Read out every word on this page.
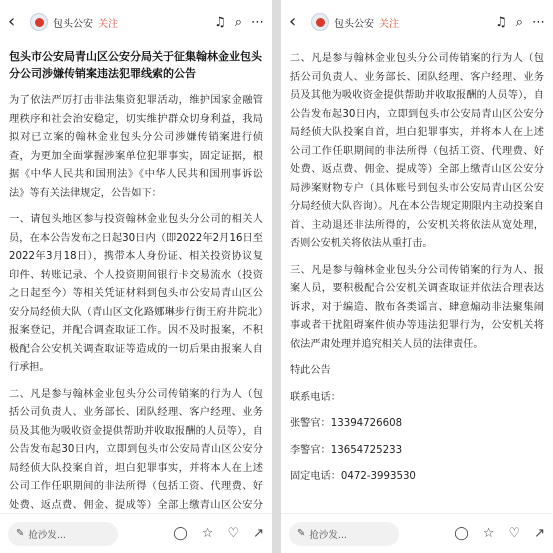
‹	包头公安 关注	♫ ⌕ ⋯
包头市公安局青山区公安分局关于征集翰林金业包头分公司涉嫌传销案违法犯罪线索的公告

为了依法严厉打击非法集资犯罪活动，维护国家金融管理秩序和社会治安稳定，切实维护群众切身利益，我局拟对已立案的翰林金业包头分公司涉嫌传销案进行侦查，为更加全面掌握涉案单位犯罪事实，固定证据，根据《中华人民共和国刑法》《中华人民共和国刑事诉讼法》等有关法律规定，公告如下：

一、请包头地区参与投资翰林金业包头分公司的相关人员，在本公告发布之日起30日内（即2022年2月16日至2022年3月18日），携带本人身份证、相关投资协议复印件、转账记录、个人投资期间银行卡交易流水（投资之日起至今）等相关凭证材料到包头市公安局青山区公安分局经侦大队（青山区文化路娜琳步行街王府井院北）报案登记，并配合调查取证工作。因不及时报案，不积极配合公安机关调查取证等造成的一切后果由报案人自行承担。

二、凡是参与翰林金业包头分公司传销案的行为人（包括公司负责人、业务部长、团队经理、客户经理、业务员及其他为吸收资金提供帮助并收取报酬的人员等），自公告发布起30日内，立即到包头市公安局青山区公安分局经侦大队投案自首，坦白犯罪事实，并将本人在上述公司工作任职期间的非法所得（包括工资、代理费、好处费、返点费、佣金、提成等）全部上缴青山区公安分

✎ 抢沙发...	◯ ☆ ♡ ↗
‹	包头公安 关注	♫ ⌕ ⋯

二、凡是参与翰林金业包头分公司传销案的行为人（包括公司负责人、业务部长、团队经理、客户经理、业务员及其他为吸收资金提供帮助并收取报酬的人员等），自公告发布起30日内，立即到包头市公安局青山区公安分局经侦大队投案自首，坦白犯罪事实，并将本人在上述公司工作任职期间的非法所得（包括工资、代理费、好处费、返点费、佣金、提成等）全部上缴青山区公安分局涉案财物专户（具体账号到包头市公安局青山区公安分局经侦大队咨询）。凡在本公告规定期限内主动投案自首、主动退还非法所得的，公安机关将依法从宽处理，否则公安机关将依法从重打击。

三、凡是参与翰林金业包头分公司传销案的行为人、报案人员，要积极配合公安机关调查取证并依法合理表达诉求，对于编造、散布各类谣言、肆意煽动非法聚集闹事或者干扰阻碍案件侦办等违法犯罪行为，公安机关将依法严肃处理并追究相关人员的法律责任。

特此公告
联系电话：
张警官：13394726608
李警官：13654725233
固定电话：0472-3993530
✎ 抢沙发...	◯ ☆ ♡ ↗
